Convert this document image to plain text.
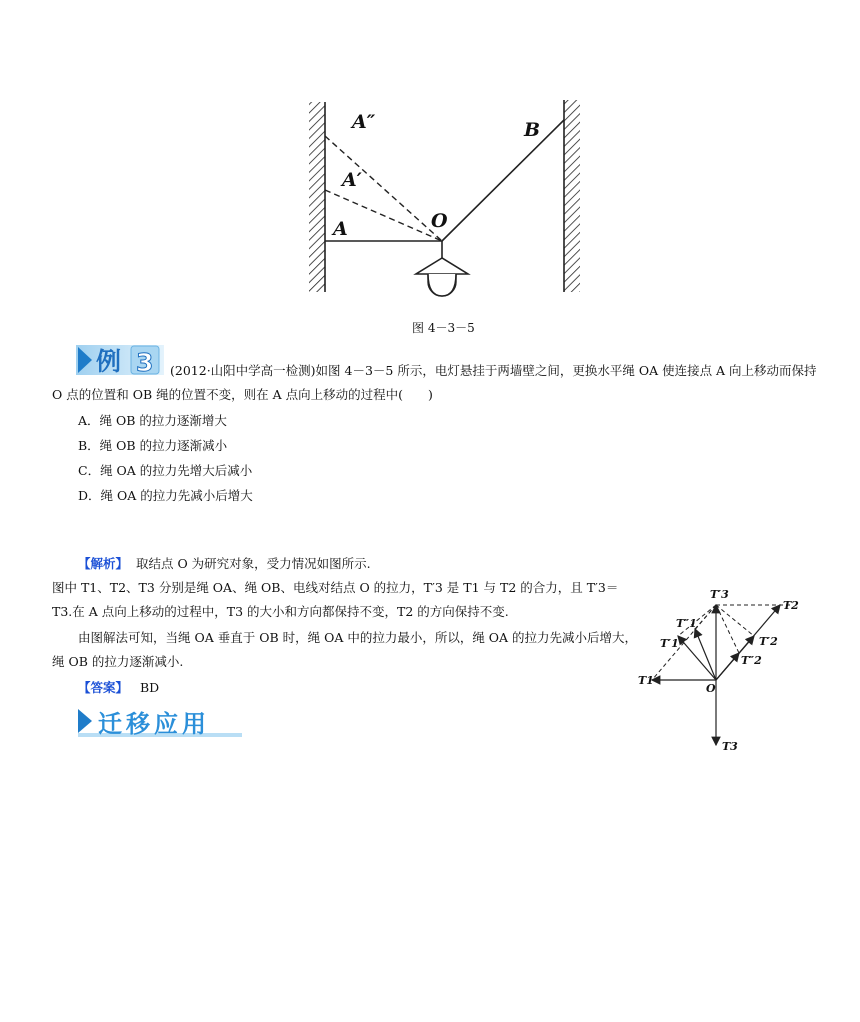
A″	B
A′
O
A
图 4－3－5
例 3 (2012·山阳中学高一检测)如图 4－3－5 所示，电灯悬挂于两墙壁之间，更换水平绳 OA 使连接点 A 向上移动而保持
O 点的位置和 OB 绳的位置不变，则在 A 点向上移动的过程中(　　)
A．绳 OB 的拉力逐渐增大
B．绳 OB 的拉力逐渐减小
C．绳 OA 的拉力先增大后减小
D．绳 OA 的拉力先减小后增大
【解析】 取结点 O 为研究对象，受力情况如图所示.
图中 T1、T2、T3 分别是绳 OA、绳 OB、电线对结点 O 的拉力，T′3 是 T1 与 T2 的合力，且 T′3＝
T3.在 A 点向上移动的过程中，T3 的大小和方向都保持不变，T2 的方向保持不变.
由图解法可知，当绳 OA 垂直于 OB 时，绳 OA 中的拉力最小，所以，绳 OA 的拉力先减小后增大，
绳 OB 的拉力逐渐减小.
【答案】 BD
T′3
T2
T″1
T′1	T′2
T″2
T1
O
T3
迁移应用
